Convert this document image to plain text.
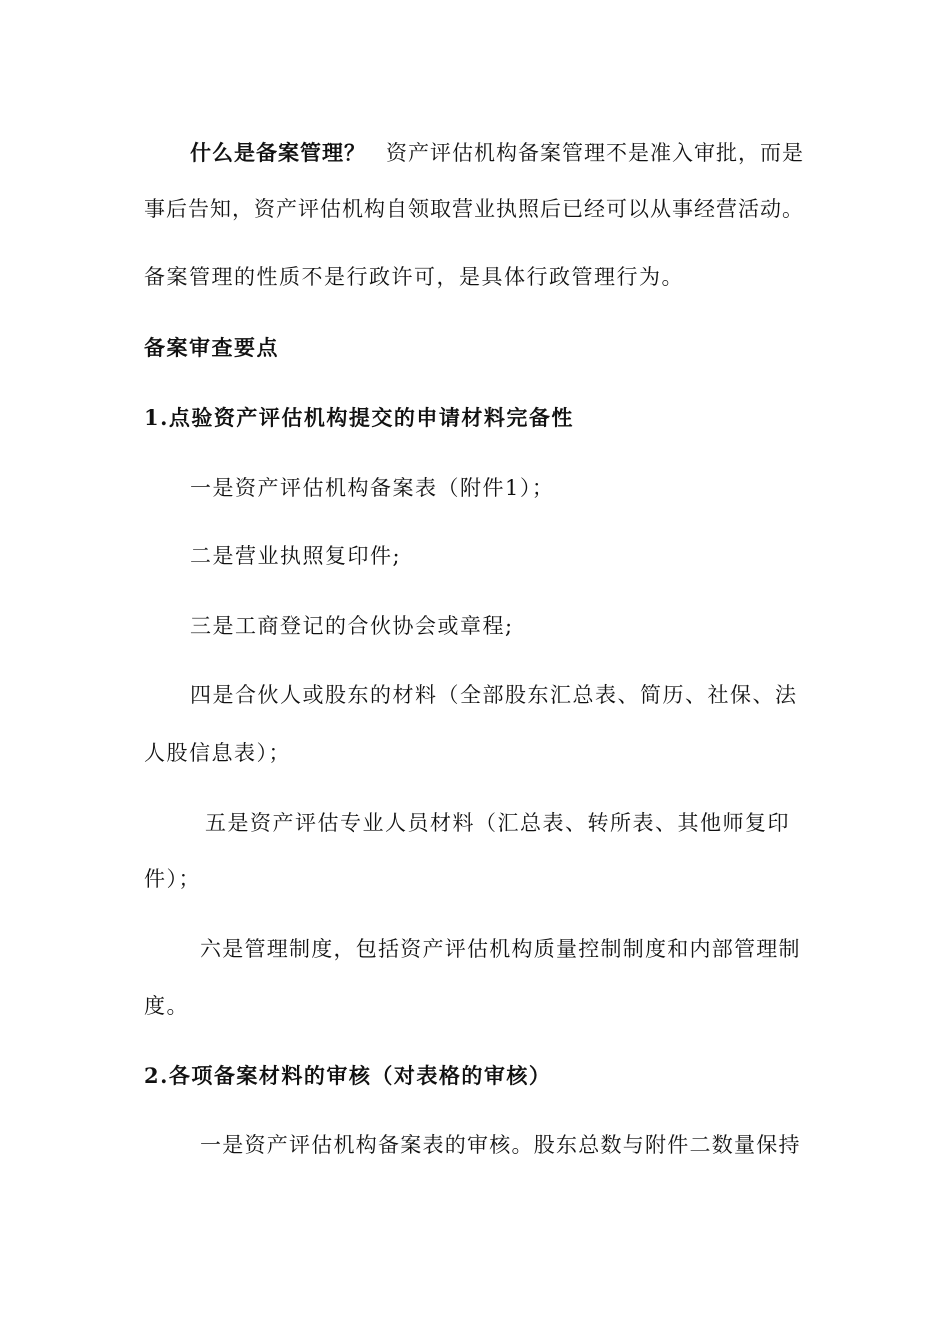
什么是备案管理？ 资产评估机构备案管理不是准入审批，而是
事后告知，资产评估机构自领取营业执照后已经可以从事经营活动。
备案管理的性质不是行政许可，是具体行政管理行为。
备案审查要点
1.点验资产评估机构提交的申请材料完备性
一是资产评估机构备案表（附件1）；
二是营业执照复印件;
三是工商登记的合伙协会或章程;
四是合伙人或股东的材料（全部股东汇总表、简历、社保、法
人股信息表）；
五是资产评估专业人员材料（汇总表、转所表、其他师复印
件）；
六是管理制度，包括资产评估机构质量控制制度和内部管理制
度。
2.各项备案材料的审核（对表格的审核）
一是资产评估机构备案表的审核。股东总数与附件二数量保持
